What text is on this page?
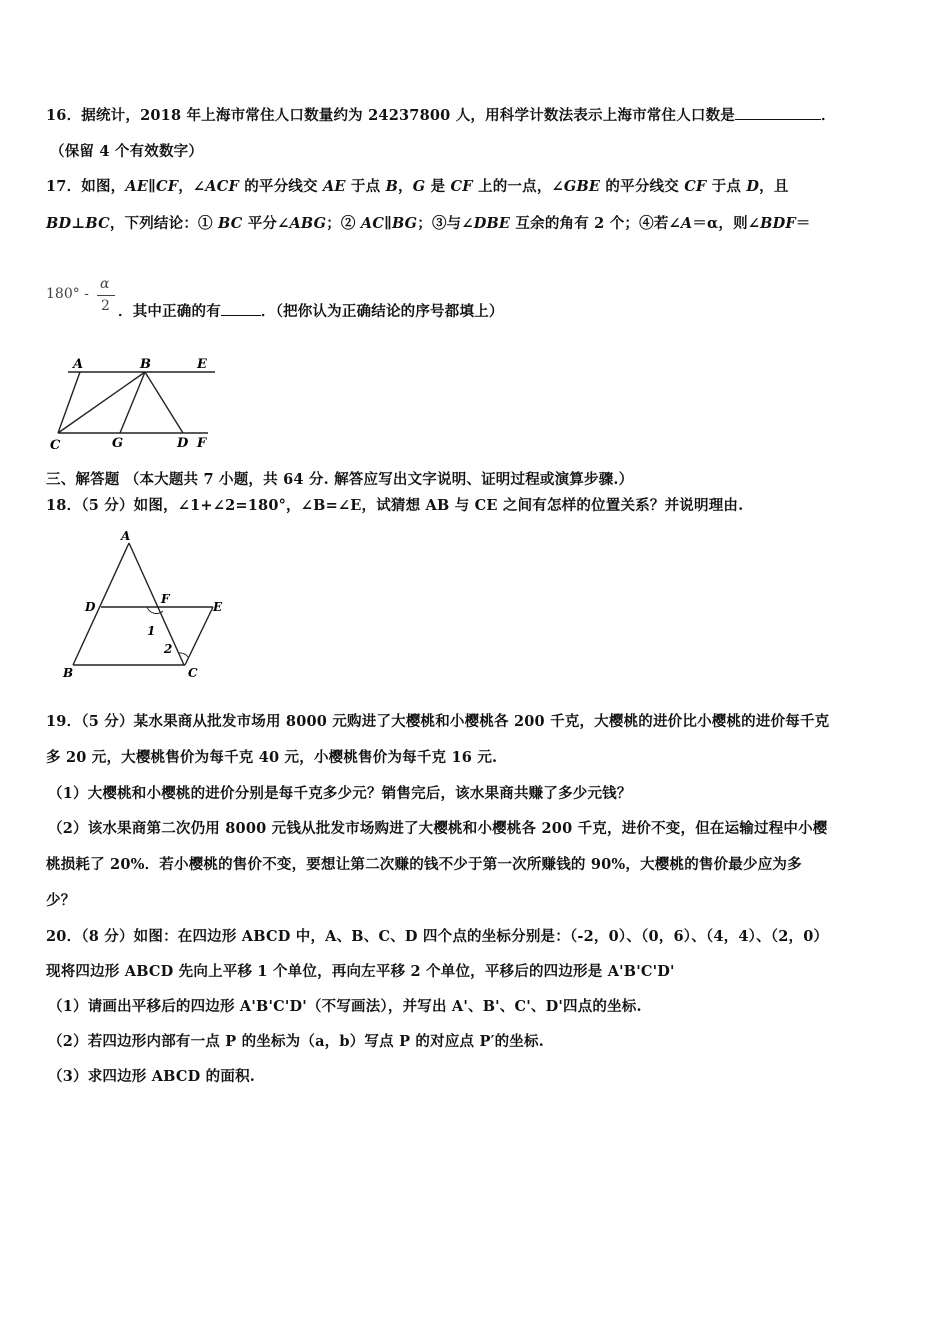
16．据统计，2018 年上海市常住人口数量约为 24237800 人，用科学计数法表示上海市常住人口数是	．
（保留 4 个有效数字）
17．如图，AE∥CF，∠ACF 的平分线交 AE 于点 B，G 是 CF 上的一点，∠GBE 的平分线交 CF 于点 D，且
BD⊥BC，下列结论：① BC 平分∠ABG；② AC∥BG；③与∠DBE 互余的角有 2 个；④若∠A＝α，则∠BDF＝
180° -
α
2 ．其中正确的有	．（把你认为正确结论的序号都填上）
A	B	E
C	G	D F
三、解答题 （本大题共 7 小题，共 64 分. 解答应写出文字说明、证明过程或演算步骤.）
18．（5 分）如图，∠1+∠2=180°，∠B=∠E，试猜想 AB 与 CE 之间有怎样的位置关系？并说明理由.
A
D
F
E
1
2
B	C
19．（5 分）某水果商从批发市场用 8000 元购进了大樱桃和小樱桃各 200 千克，大樱桃的进价比小樱桃的进价每千克
多 20 元，大樱桃售价为每千克 40 元，小樱桃售价为每千克 16 元.
（1）大樱桃和小樱桃的进价分别是每千克多少元？销售完后，该水果商共赚了多少元钱？
（2）该水果商第二次仍用 8000 元钱从批发市场购进了大樱桃和小樱桃各 200 千克，进价不变，但在运输过程中小樱
桃损耗了 20%．若小樱桃的售价不变，要想让第二次赚的钱不少于第一次所赚钱的 90%，大樱桃的售价最少应为多
少？
20．（8 分）如图：在四边形 ABCD 中，A、B、C、D 四个点的坐标分别是：（-2，0）、（0，6）、（4，4）、（2，0）
现将四边形 ABCD 先向上平移 1 个单位，再向左平移 2 个单位，平移后的四边形是 A'B'C'D'
（1）请画出平移后的四边形 A'B'C'D'（不写画法），并写出 A'、B'、C'、D'四点的坐标.
（2）若四边形内部有一点 P 的坐标为（a，b）写点 P 的对应点 P′的坐标.
（3）求四边形 ABCD 的面积.
